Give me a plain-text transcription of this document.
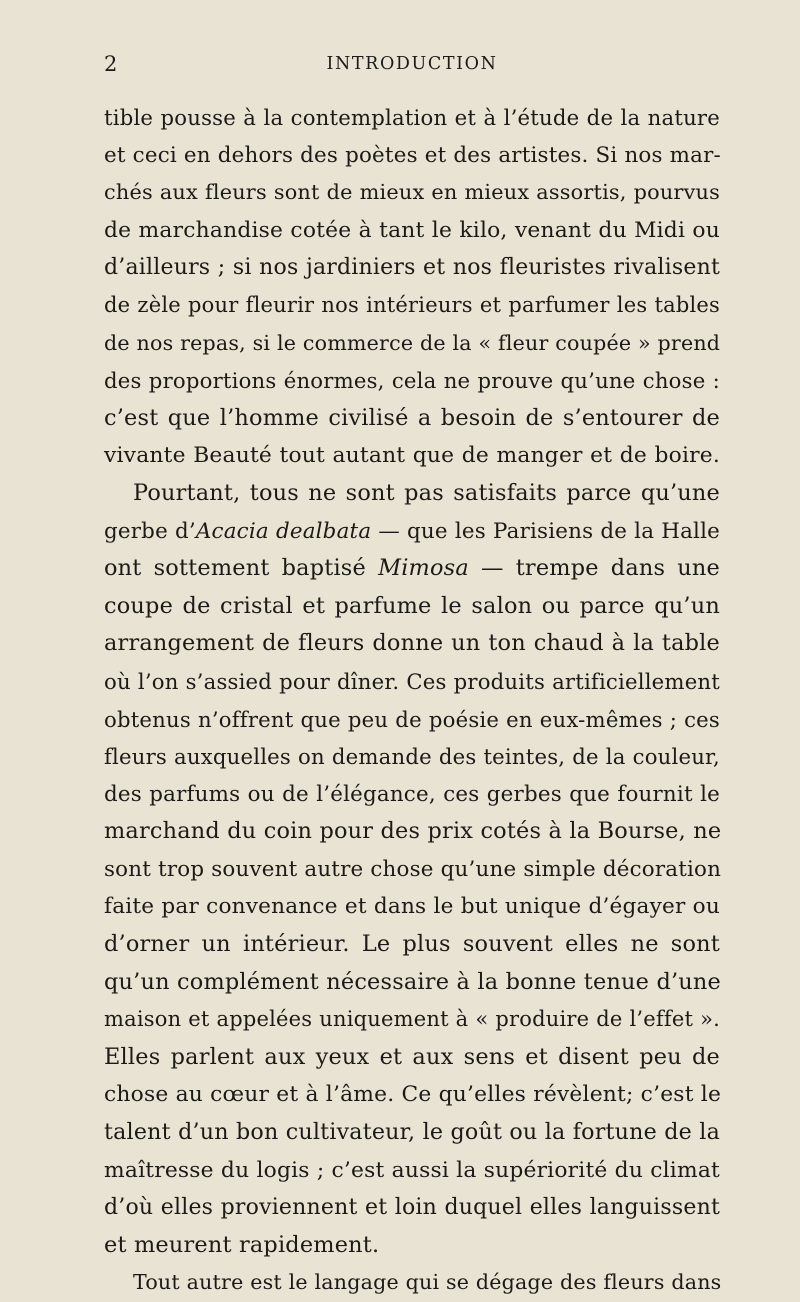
2	INTRODUCTION
tible pousse à la contemplation et à l’étude de la nature
et ceci en dehors des poètes et des artistes. Si nos mar-
chés aux fleurs sont de mieux en mieux assortis, pourvus
de marchandise cotée à tant le kilo, venant du Midi ou
d’ailleurs ; si nos jardiniers et nos fleuristes rivalisent
de zèle pour fleurir nos intérieurs et parfumer les tables
de nos repas, si le commerce de la « fleur coupée » prend
des proportions énormes, cela ne prouve qu’une chose :
c’est que l’homme civilisé a besoin de s’entourer de
vivante Beauté tout autant que de manger et de boire.
Pourtant, tous ne sont pas satisfaits parce qu’une
gerbe d’Acacia dealbata — que les Parisiens de la Halle
ont sottement baptisé Mimosa — trempe dans une
coupe de cristal et parfume le salon ou parce qu’un
arrangement de fleurs donne un ton chaud à la table
où l’on s’assied pour dîner. Ces produits artificiellement
obtenus n’offrent que peu de poésie en eux-mêmes ; ces
fleurs auxquelles on demande des teintes, de la couleur,
des parfums ou de l’élégance, ces gerbes que fournit le
marchand du coin pour des prix cotés à la Bourse, ne
sont trop souvent autre chose qu’une simple décoration
faite par convenance et dans le but unique d’égayer ou
d’orner un intérieur. Le plus souvent elles ne sont
qu’un complément nécessaire à la bonne tenue d’une
maison et appelées uniquement à « produire de l’effet ».
Elles parlent aux yeux et aux sens et disent peu de
chose au cœur et à l’âme. Ce qu’elles révèlent; c’est le
talent d’un bon cultivateur, le goût ou la fortune de la
maîtresse du logis ; c’est aussi la supériorité du climat
d’où elles proviennent et loin duquel elles languissent
et meurent rapidement.
Tout autre est le langage qui se dégage des fleurs dans
